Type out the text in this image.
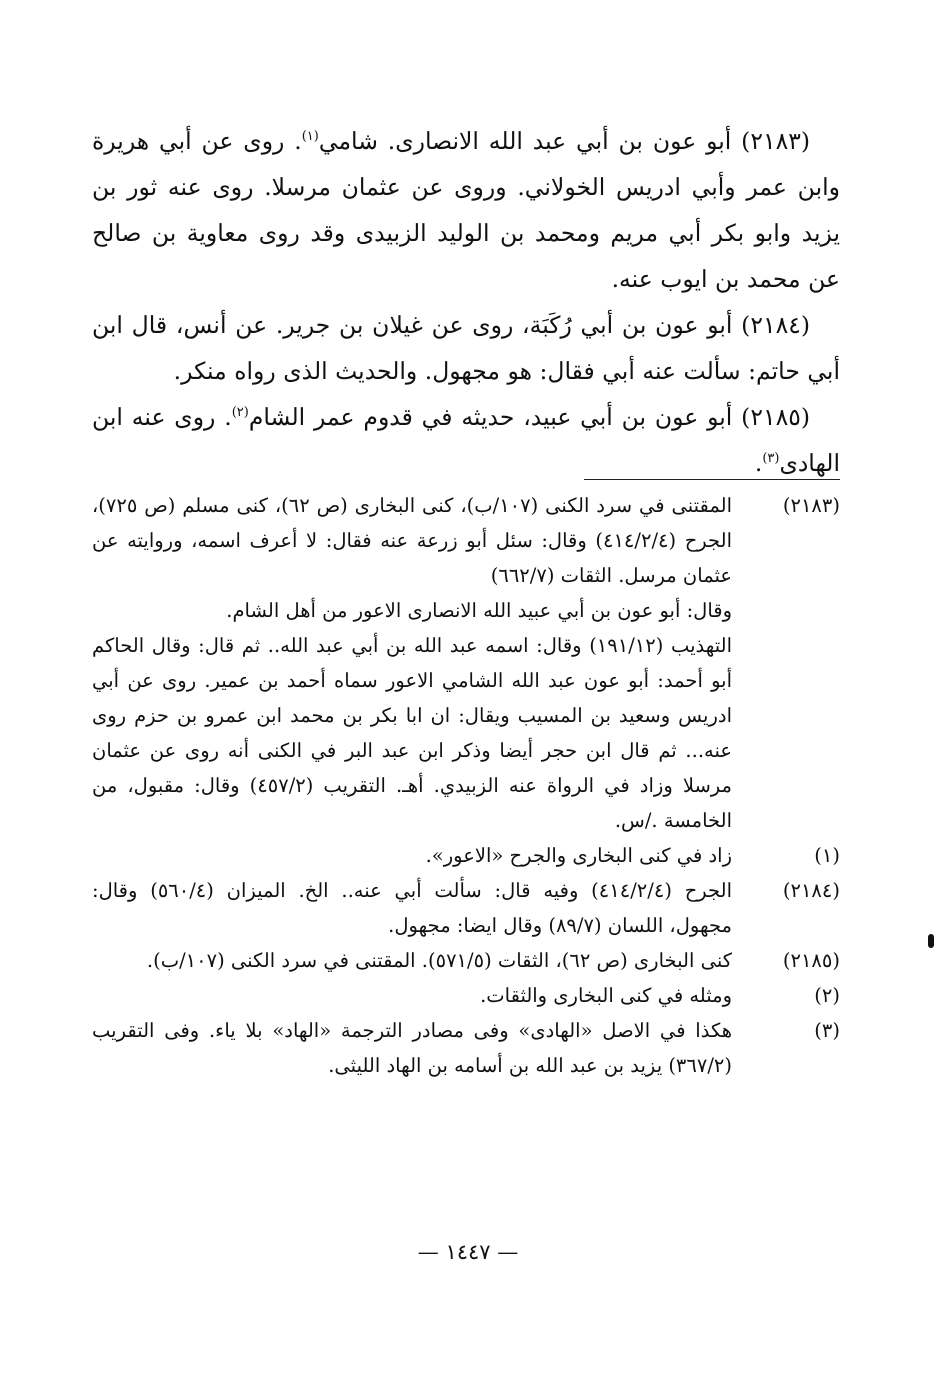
(٢١٨٣) أبو عون بن أبي عبد الله الانصارى. شامي$^{(١)}$. روى عن أبي هريرة وابن عمر وأبي ادريس الخولاني. وروى عن عثمان مرسلا. روى عنه ثور بن يزيد وابو بكر أبي مريم ومحمد بن الوليد الزبيدى وقد روى معاوية بن صالح عن محمد بن ايوب عنه.

(٢١٨٤) أبو عون بن أبي رُكَبَة، روى عن غيلان بن جرير. عن أنس، قال ابن أبي حاتم: سألت عنه أبي فقال: هو مجهول. والحديث الذى رواه منكر.

(٢١٨٥) أبو عون بن أبي عبيد، حديثه في قدوم عمر الشام$^{(٢)}$. روى عنه ابن الهادى$^{(٣)}$.

(٢١٨٣)

المقتنى في سرد الكنى (١٠٧/ب)، كنى البخارى (ص ٦٢)، كنى مسلم (ص ٧٢٥)، الجرح (٤١٤/٢/٤) وقال: سئل أبو زرعة عنه فقال: لا أعرف اسمه، وروايته عن عثمان مرسل. الثقات (٦٦٢/٧)

وقال: أبو عون بن أبي عبيد الله الانصارى الاعور من أهل الشام.

التهذيب (١٩١/١٢) وقال: اسمه عبد الله بن أبي عبد الله.. ثم قال: وقال الحاكم أبو أحمد: أبو عون عبد الله الشامي الاعور سماه أحمد بن عمير. روى عن أبي ادريس وسعيد بن المسيب ويقال: ان ابا بكر بن محمد ابن عمرو بن حزم روى عنه... ثم قال ابن حجر أيضا وذكر ابن عبد البر في الكنى أنه روى عن عثمان مرسلا وزاد في الرواة عنه الزبيدي. أهـ. التقريب (٤٥٧/٢) وقال: مقبول، من الخامسة ./س.

(١)

زاد في كنى البخارى والجرح «الاعور».

(٢١٨٤)

الجرح (٤١٤/٢/٤) وفيه قال: سألت أبي عنه.. الخ. الميزان (٥٦٠/٤) وقال: مجهول، اللسان (٨٩/٧) وقال ايضا: مجهول.

(٢١٨٥)

كنى البخارى (ص ٦٢)، الثقات (٥٧١/٥). المقتنى في سرد الكنى (١٠٧/ب).

(٢)

ومثله في كنى البخارى والثقات.

(٣)

هكذا في الاصل «الهادى» وفى مصادر الترجمة «الهاد» بلا ياء. وفى التقريب (٣٦٧/٢) يزيد بن عبد الله بن أسامه بن الهاد الليثى.

— ١٤٤٧ —
